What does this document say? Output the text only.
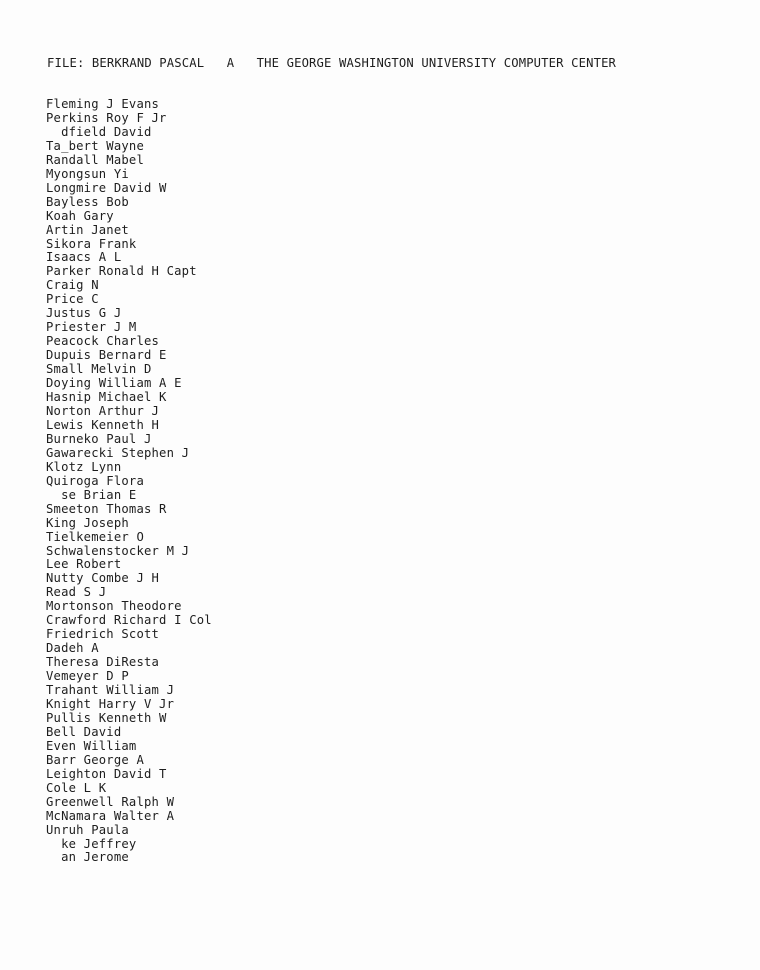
FILE: BERKRAND PASCAL   A   THE GEORGE WASHINGTON UNIVERSITY COMPUTER CENTER
Fleming J Evans
Perkins Roy F Jr
dfield David
Ta_bert Wayne
Randall Mabel
Myongsun Yi
Longmire David W
Bayless Bob
Koah Gary
Artin Janet
Sikora Frank
Isaacs A L
Parker Ronald H Capt
Craig N
Price C
Justus G J
Priester J M
Peacock Charles
Dupuis Bernard E
Small Melvin D
Doying William A E
Hasnip Michael K
Norton Arthur J
Lewis Kenneth H
Burneko Paul J
Gawarecki Stephen J
Klotz Lynn
Quiroga Flora
se Brian E
Smeeton Thomas R
King Joseph
Tielkemeier O
Schwalenstocker M J
Lee Robert
Nutty Combe J H
Read S J
Mortonson Theodore
Crawford Richard I Col
Friedrich Scott
Dadeh A
Theresa DiResta
Vemeyer D P
Trahant William J
Knight Harry V Jr
Pullis Kenneth W
Bell David
Even William
Barr George A
Leighton David T
Cole L K
Greenwell Ralph W
McNamara Walter A
Unruh Paula
ke Jeffrey
an Jerome
